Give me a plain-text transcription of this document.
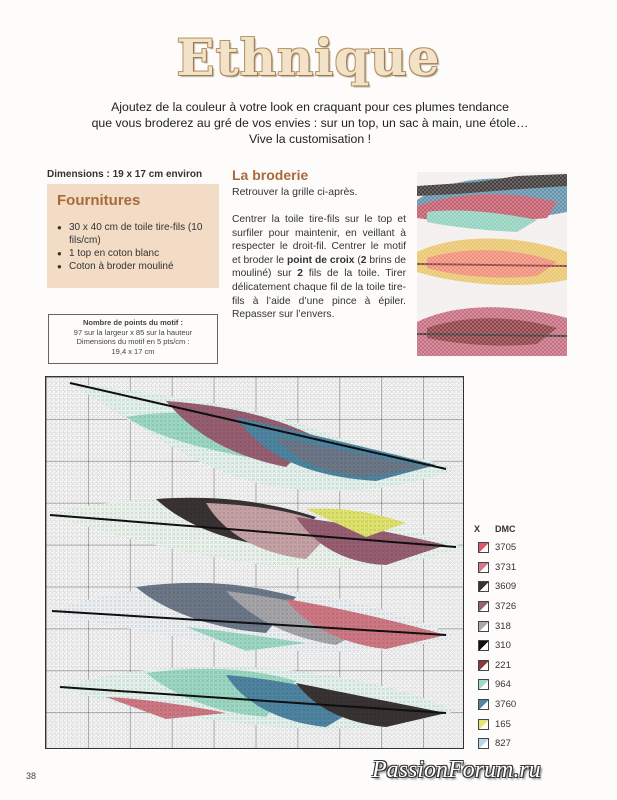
Ethnique

Ajoutez de la couleur à votre look en craquant pour ces plumes tendance

que vous broderez au gré de vos envies : sur un top, un sac à main, une étole…

Vive la customisation !

Dimensions : 19 x 17 cm environ
Fournitures
● 30 x 40 cm de toile tire-fils (10 fils/cm)
● 1 top en coton blanc
● Coton à broder mouliné
Nombre de points du motif :
97 sur la largeur x 85 sur la hauteur
Dimensions du motif en 5 pts/cm :
19,4 x 17 cm
La broderie
Retrouver la grille ci-après.
Centrer la toile tire-fils sur le top et surfiler pour maintenir, en veillant à respecter le droit-fil. Centrer le motif et broder le point de croix (2 brins de mouliné) sur 2 fils de la toile. Tirer délicatement chaque fil de la toile tire-fils à l’aide d’une pince à épiler. Repasser sur l’envers.
X DMC
3705
3731
3609
3726
318
310
221
964
3760
165
827
38	PassionForum.ru
